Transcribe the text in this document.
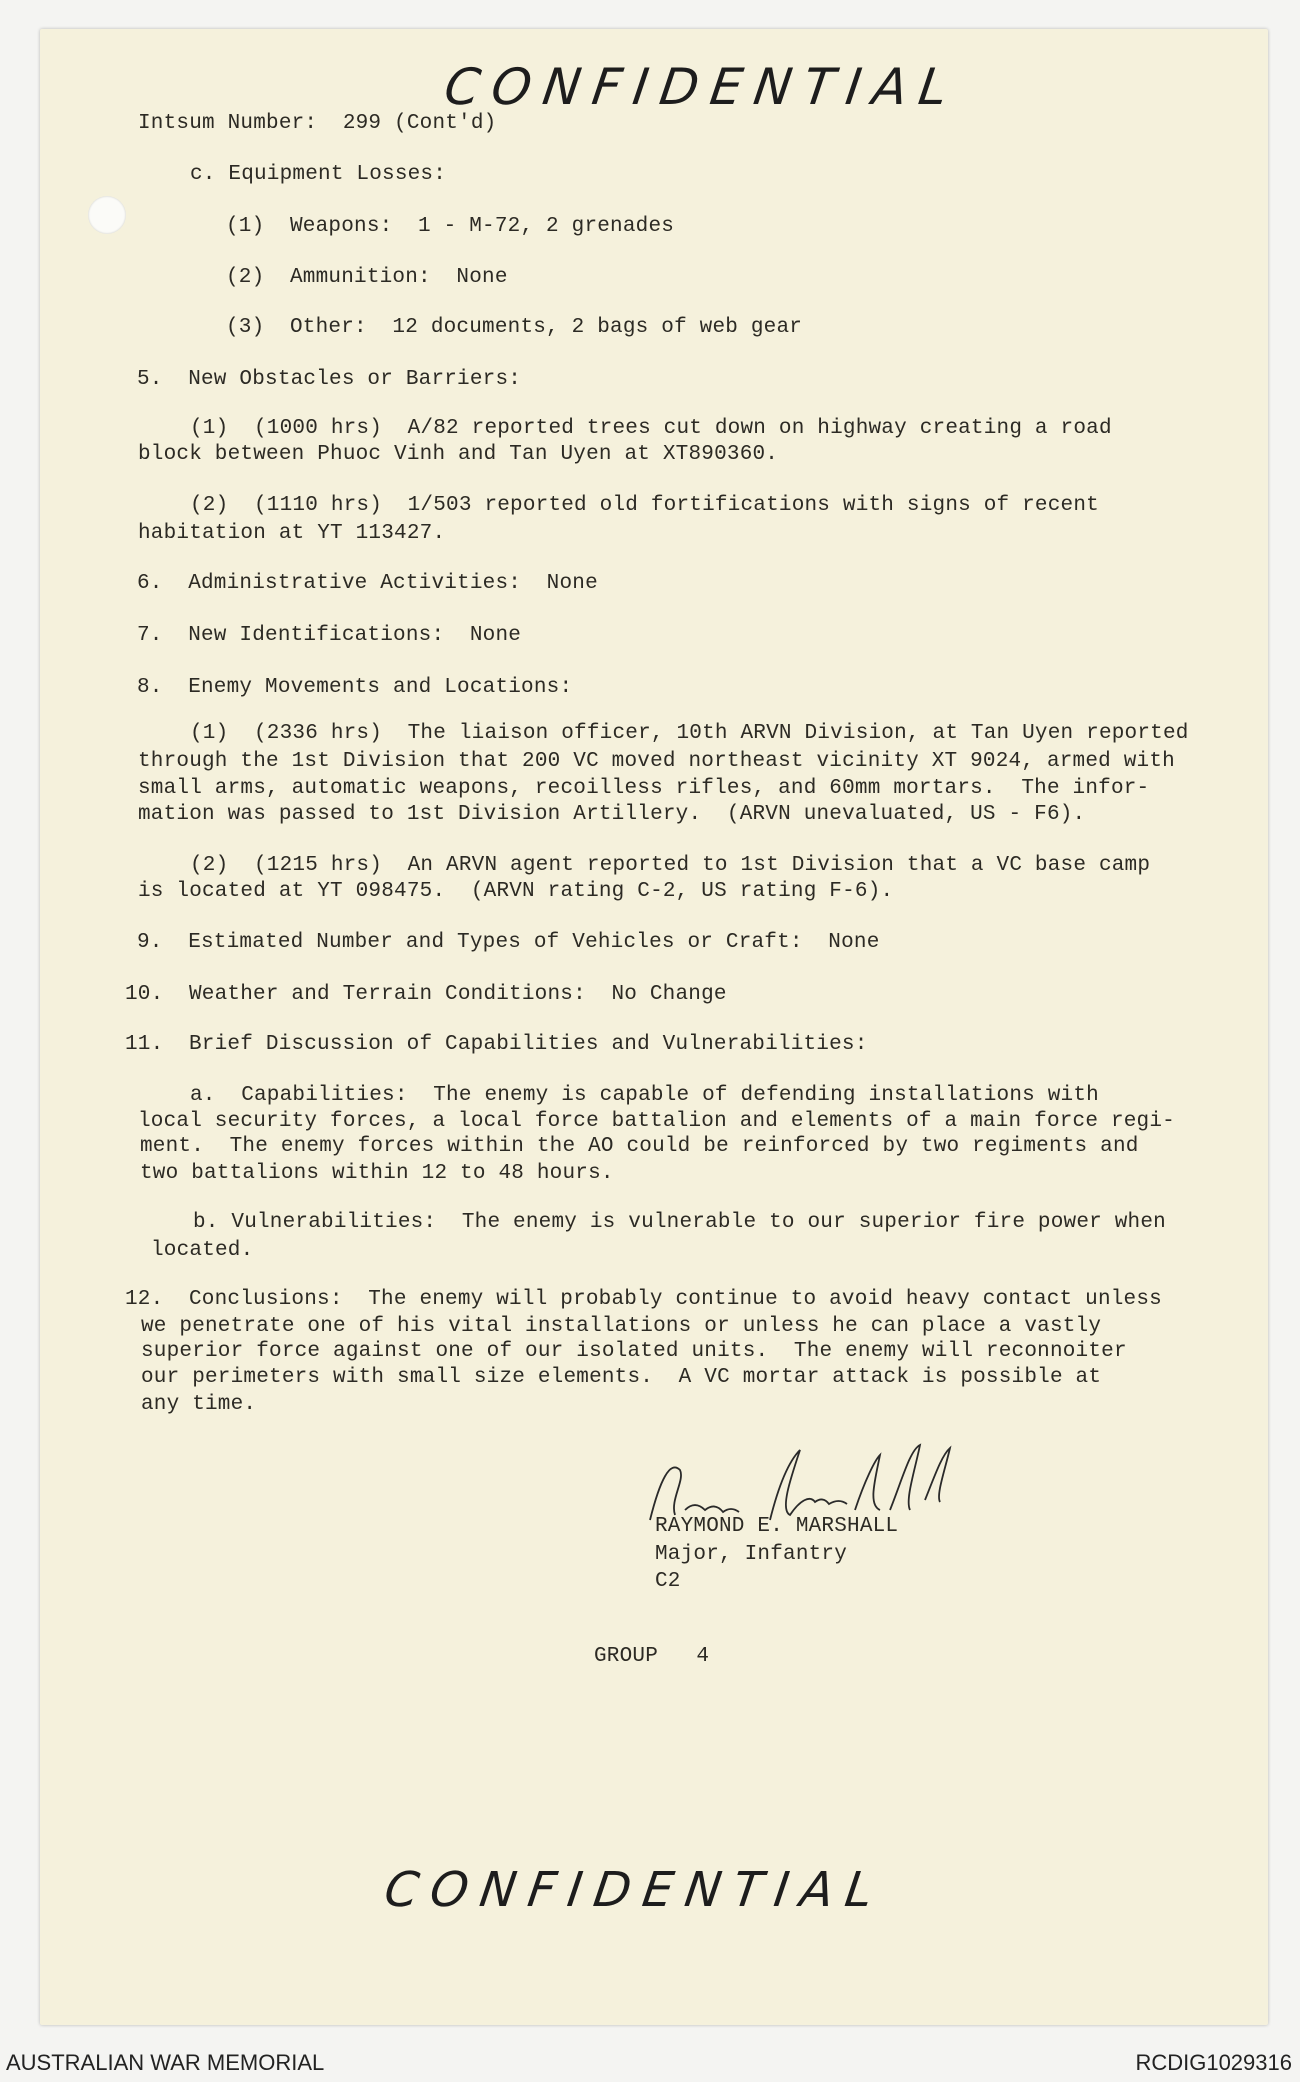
CONFIDENTIAL
Intsum Number:  299 (Cont'd)
c. Equipment Losses:
(1)  Weapons:  1 - M-72, 2 grenades
(2)  Ammunition:  None
(3)  Other:  12 documents, 2 bags of web gear
5.  New Obstacles or Barriers:
(1)  (1000 hrs)  A/82 reported trees cut down on highway creating a road
block between Phuoc Vinh and Tan Uyen at XT890360.
(2)  (1110 hrs)  1/503 reported old fortifications with signs of recent
habitation at YT 113427.
6.  Administrative Activities:  None
7.  New Identifications:  None
8.  Enemy Movements and Locations:
(1)  (2336 hrs)  The liaison officer, 10th ARVN Division, at Tan Uyen reported
through the 1st Division that 200 VC moved northeast vicinity XT 9024, armed with
small arms, automatic weapons, recoilless rifles, and 60mm mortars.  The infor-
mation was passed to 1st Division Artillery.  (ARVN unevaluated, US - F6).
(2)  (1215 hrs)  An ARVN agent reported to 1st Division that a VC base camp
is located at YT 098475.  (ARVN rating C-2, US rating F-6).
9.  Estimated Number and Types of Vehicles or Craft:  None
10.  Weather and Terrain Conditions:  No Change
11.  Brief Discussion of Capabilities and Vulnerabilities:
a.  Capabilities:  The enemy is capable of defending installations with
local security forces, a local force battalion and elements of a main force regi-
ment.  The enemy forces within the AO could be reinforced by two regiments and
two battalions within 12 to 48 hours.
b. Vulnerabilities:  The enemy is vulnerable to our superior fire power when
located.
12.  Conclusions:  The enemy will probably continue to avoid heavy contact unless
we penetrate one of his vital installations or unless he can place a vastly
superior force against one of our isolated units.  The enemy will reconnoiter
our perimeters with small size elements.  A VC mortar attack is possible at
any time.
RAYMOND E. MARSHALL
Major, Infantry
C2
GROUP   4
CONFIDENTIAL
AUSTRALIAN WAR MEMORIAL	RCDIG1029316
